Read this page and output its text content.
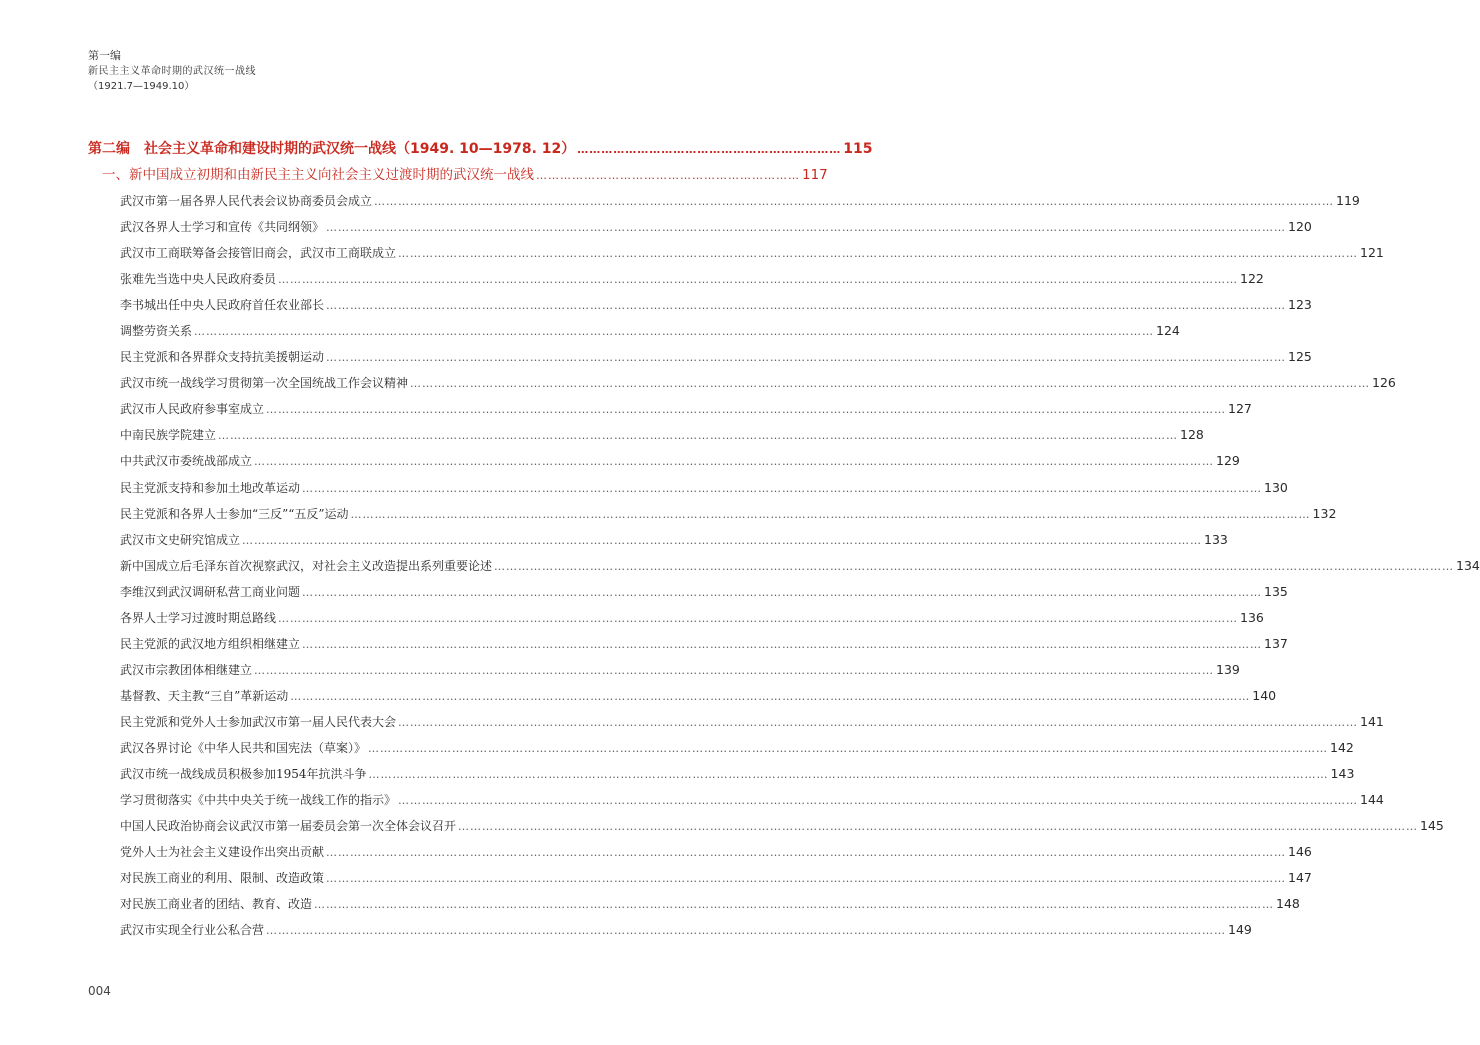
第一编
新民主主义革命时期的武汉统一战线
（1921.7—1949.10）
第二编　社会主义革命和建设时期的武汉统一战线（1949. 10—1978. 12） ………………………………………………………… 115
一、新中国成立初期和由新民主主义向社会主义过渡时期的武汉统一战线 ………………………………………………………… 117
武汉市第一届各界人民代表会议协商委员会成立 …………………………………………………………………………………………………………………………………………………………………………………………………………………… 119
武汉各界人士学习和宣传《共同纲领》 …………………………………………………………………………………………………………………………………………………………………………………………………………………… 120
武汉市工商联筹备会接管旧商会，武汉市工商联成立 …………………………………………………………………………………………………………………………………………………………………………………………………………………… 121
张难先当选中央人民政府委员 …………………………………………………………………………………………………………………………………………………………………………………………………………………… 122
李书城出任中央人民政府首任农业部长 …………………………………………………………………………………………………………………………………………………………………………………………………………………… 123
调整劳资关系 …………………………………………………………………………………………………………………………………………………………………………………………………………………… 124
民主党派和各界群众支持抗美援朝运动 …………………………………………………………………………………………………………………………………………………………………………………………………………………… 125
武汉市统一战线学习贯彻第一次全国统战工作会议精神 …………………………………………………………………………………………………………………………………………………………………………………………………………………… 126
武汉市人民政府参事室成立 …………………………………………………………………………………………………………………………………………………………………………………………………………………… 127
中南民族学院建立 …………………………………………………………………………………………………………………………………………………………………………………………………………………… 128
中共武汉市委统战部成立 …………………………………………………………………………………………………………………………………………………………………………………………………………………… 129
民主党派支持和参加土地改革运动 …………………………………………………………………………………………………………………………………………………………………………………………………………………… 130
民主党派和各界人士参加“三反”“五反”运动 …………………………………………………………………………………………………………………………………………………………………………………………………………………… 132
武汉市文史研究馆成立 …………………………………………………………………………………………………………………………………………………………………………………………………………………… 133
新中国成立后毛泽东首次视察武汉，对社会主义改造提出系列重要论述 …………………………………………………………………………………………………………………………………………………………………………………………………………………… 134
李维汉到武汉调研私营工商业问题 …………………………………………………………………………………………………………………………………………………………………………………………………………………… 135
各界人士学习过渡时期总路线 …………………………………………………………………………………………………………………………………………………………………………………………………………………… 136
民主党派的武汉地方组织相继建立 …………………………………………………………………………………………………………………………………………………………………………………………………………………… 137
武汉市宗教团体相继建立 …………………………………………………………………………………………………………………………………………………………………………………………………………………… 139
基督教、天主教“三自”革新运动 …………………………………………………………………………………………………………………………………………………………………………………………………………………… 140
民主党派和党外人士参加武汉市第一届人民代表大会 …………………………………………………………………………………………………………………………………………………………………………………………………………………… 141
武汉各界讨论《中华人民共和国宪法（草案）》 …………………………………………………………………………………………………………………………………………………………………………………………………………………… 142
武汉市统一战线成员积极参加1954年抗洪斗争 …………………………………………………………………………………………………………………………………………………………………………………………………………………… 143
学习贯彻落实《中共中央关于统一战线工作的指示》 …………………………………………………………………………………………………………………………………………………………………………………………………………………… 144
中国人民政治协商会议武汉市第一届委员会第一次全体会议召开 …………………………………………………………………………………………………………………………………………………………………………………………………………………… 145
党外人士为社会主义建设作出突出贡献 …………………………………………………………………………………………………………………………………………………………………………………………………………………… 146
对民族工商业的利用、限制、改造政策 …………………………………………………………………………………………………………………………………………………………………………………………………………………… 147
对民族工商业者的团结、教育、改造 …………………………………………………………………………………………………………………………………………………………………………………………………………………… 148
武汉市实现全行业公私合营 …………………………………………………………………………………………………………………………………………………………………………………………………………………… 149
004
